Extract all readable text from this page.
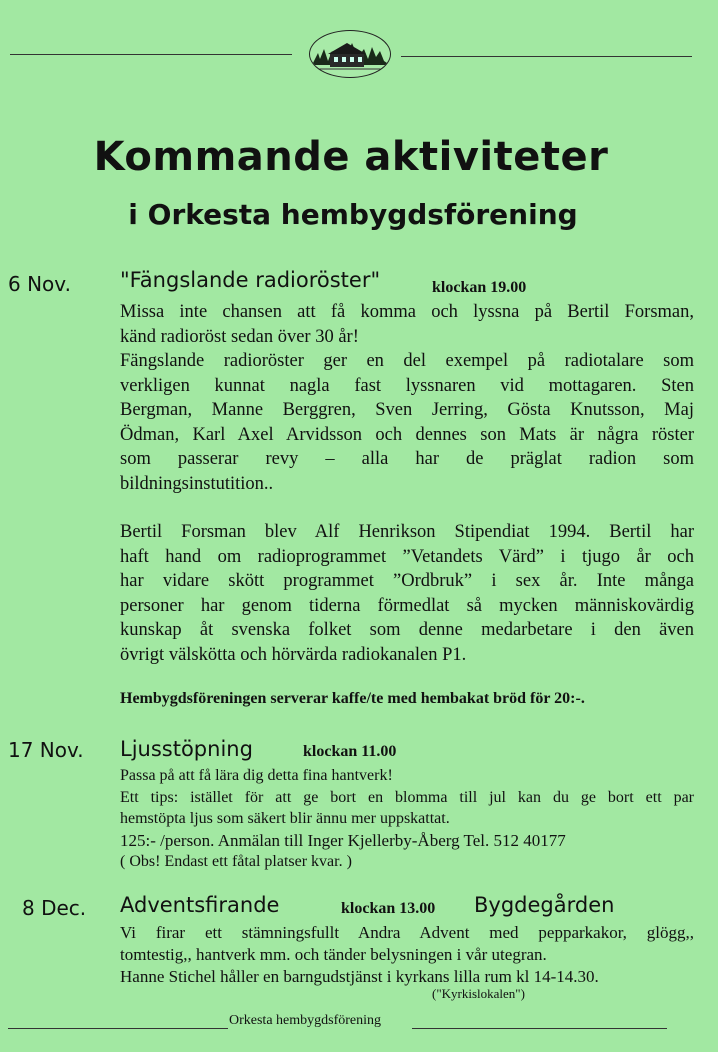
Kommande aktiviteter
i Orkesta hembygdsförening
6 Nov. "Fängslande radioröster"	klockan 19.00
Missa inte chansen att få komma och lyssna på Bertil Forsman,
känd radioröst sedan över 30 år!
Fängslande radioröster ger en del exempel på radiotalare som
verkligen kunnat nagla fast lyssnaren vid mottagaren. Sten
Bergman, Manne Berggren, Sven Jerring, Gösta Knutsson, Maj
Ödman, Karl Axel Arvidsson och dennes son Mats är några röster
som passerar revy – alla har de präglat radion som
bildningsinstutition..
Bertil Forsman blev Alf Henrikson Stipendiat 1994. Bertil har
haft hand om radioprogrammet ”Vetandets Värd” i tjugo år och
har vidare skött programmet ”Ordbruk” i sex år. Inte många
personer har genom tiderna förmedlat så mycken människovärdig
kunskap åt svenska folket som denne medarbetare i den även
övrigt välskötta och hörvärda radiokanalen P1.
Hembygdsföreningen serverar kaffe/te med hembakat bröd för 20:-.
17 Nov. Ljusstöpning	klockan 11.00
Passa på att få lära dig detta fina hantverk!
Ett tips: istället för att ge bort en blomma till jul kan du ge bort ett par
hemstöpta ljus som säkert blir ännu mer uppskattat.
125:- /person. Anmälan till Inger Kjellerby-Åberg Tel. 512 40177
( Obs! Endast ett fåtal platser kvar. )
8 Dec. Adventsfirande	klockan 13.00 Bygdegården
Vi firar ett stämningsfullt Andra Advent med pepparkakor, glögg,,
tomtestig,, hantverk mm. och tänder belysningen i vår utegran.
Hanne Stichel håller en barngudstjänst i kyrkans lilla rum kl 14-14.30.
("Kyrkislokalen")
Orkesta hembygdsförening
